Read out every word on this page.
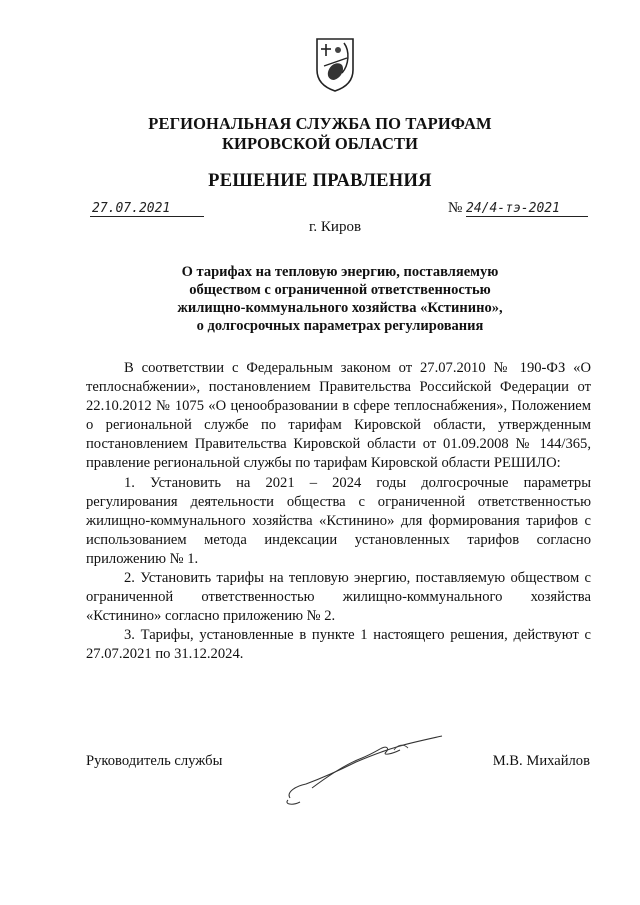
РЕГИОНАЛЬНАЯ СЛУЖБА ПО ТАРИФАМ
КИРОВСКОЙ ОБЛАСТИ
РЕШЕНИЕ ПРАВЛЕНИЯ
27.07.2021	№ 24/4-тэ-2021
г. Киров
О тарифах на тепловую энергию, поставляемую
обществом с ограниченной ответственностью
жилищно-коммунального хозяйства «Кстинино»,
о долгосрочных параметрах регулирования

В соответствии с Федеральным законом от 27.07.2010 № 190-ФЗ «О теплоснабжении», постановлением Правительства Российской Федерации от 22.10.2012 № 1075 «О ценообразовании в сфере теплоснабжения», Положением о региональной службе по тарифам Кировской области, утвержденным постановлением Правительства Кировской области от 01.09.2008 № 144/365, правление региональной службы по тарифам Кировской области РЕШИЛО:

1. Установить на 2021 – 2024 годы долгосрочные параметры регулирования деятельности общества с ограниченной ответственностью жилищно-коммунального хозяйства «Кстинино» для формирования тарифов с использованием метода индексации установленных тарифов согласно приложению № 1.

2. Установить тарифы на тепловую энергию, поставляемую обществом с ограниченной ответственностью жилищно-коммунального хозяйства «Кстинино» согласно приложению № 2.

3. Тарифы, установленные в пункте 1 настоящего решения, действуют с 27.07.2021 по 31.12.2024.

Руководитель службы	М.В. Михайлов
